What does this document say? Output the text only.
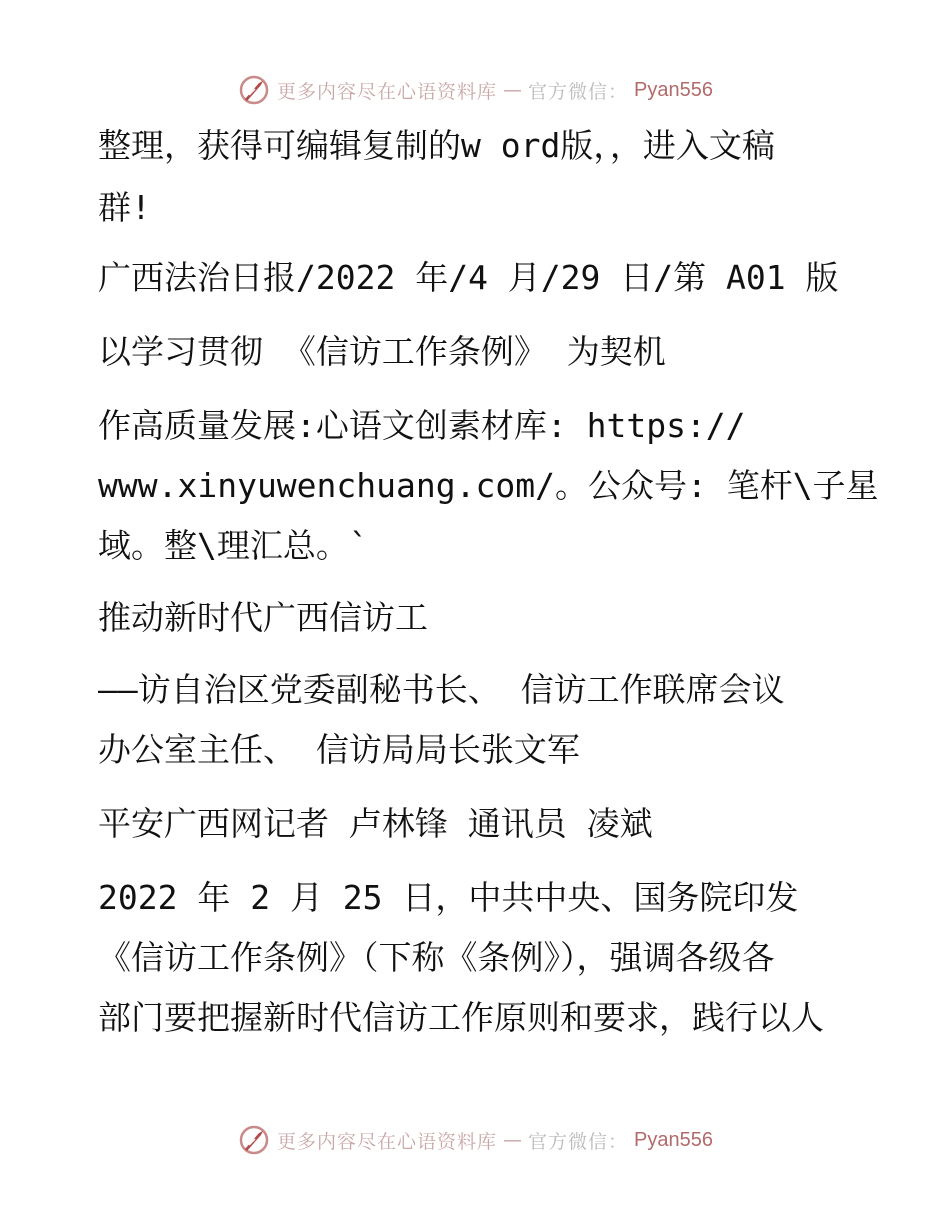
更多内容尽在心语资料库 — 官方微信： Pyan556
整理，获得可编辑复制的w ord版，，进入文稿
群!
广西法治日报/2022 年/4 月/29 日/第 A01 版
以学习贯彻 《信访工作条例》 为契机
作高质量发展:心语文创素材库: https://
www.xinyuwenchuang.com/。公众号: 笔杆\子星
域。整\理汇总。`
推动新时代广西信访工
——访自治区党委副秘书长、 信访工作联席会议
办公室主任、 信访局局长张文军
平安广西网记者 卢林锋 通讯员 凌斌
2022 年 2 月 25 日，中共中央、国务院印发
《信访工作条例》（下称《条例》），强调各级各
部门要把握新时代信访工作原则和要求，践行以人
更多内容尽在心语资料库 — 官方微信： Pyan556
